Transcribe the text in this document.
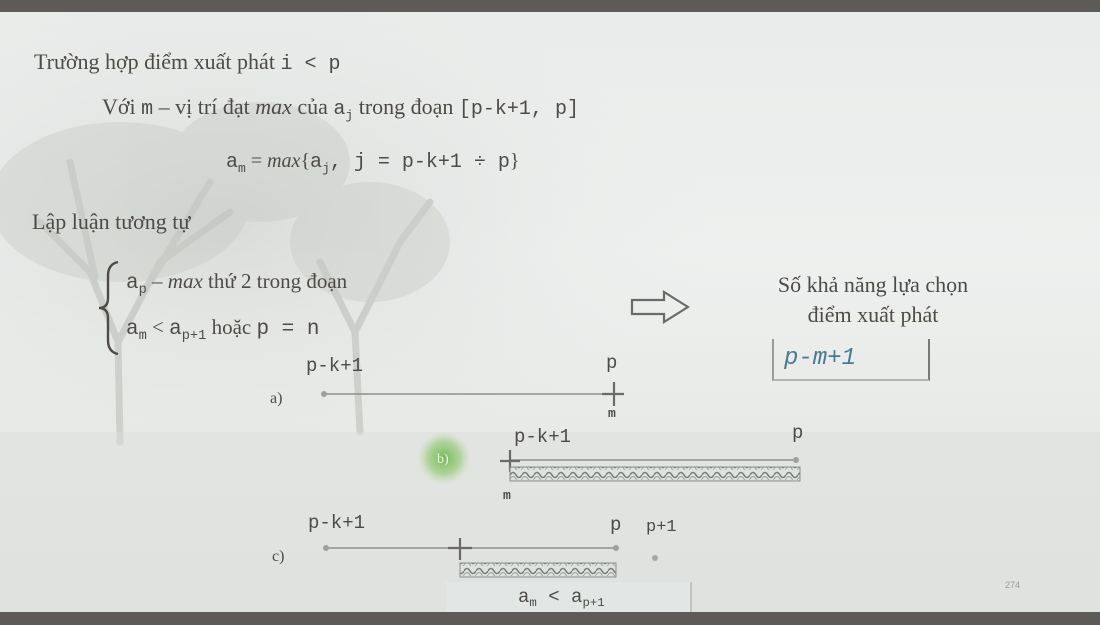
Trường hợp điểm xuất phát i < p
Với m – vị trí đạt max của $a_j$ trong đoạn [p-k+1, p]
$a_m = \max\{a_j$, j = p-k+1 ÷ p}
Lập luận tương tự
$a_p$ – max thứ 2 trong đoạn
$a_m < a_{p+1}$ hoặc p = n
Số khả năng lựa chọn
điểm xuất phát
p-m+1
a)
p-k+1	p
m
b)
p-k+1	p
m
c)
p-k+1	p p+1
$a_m < a_{p+1}$
274
